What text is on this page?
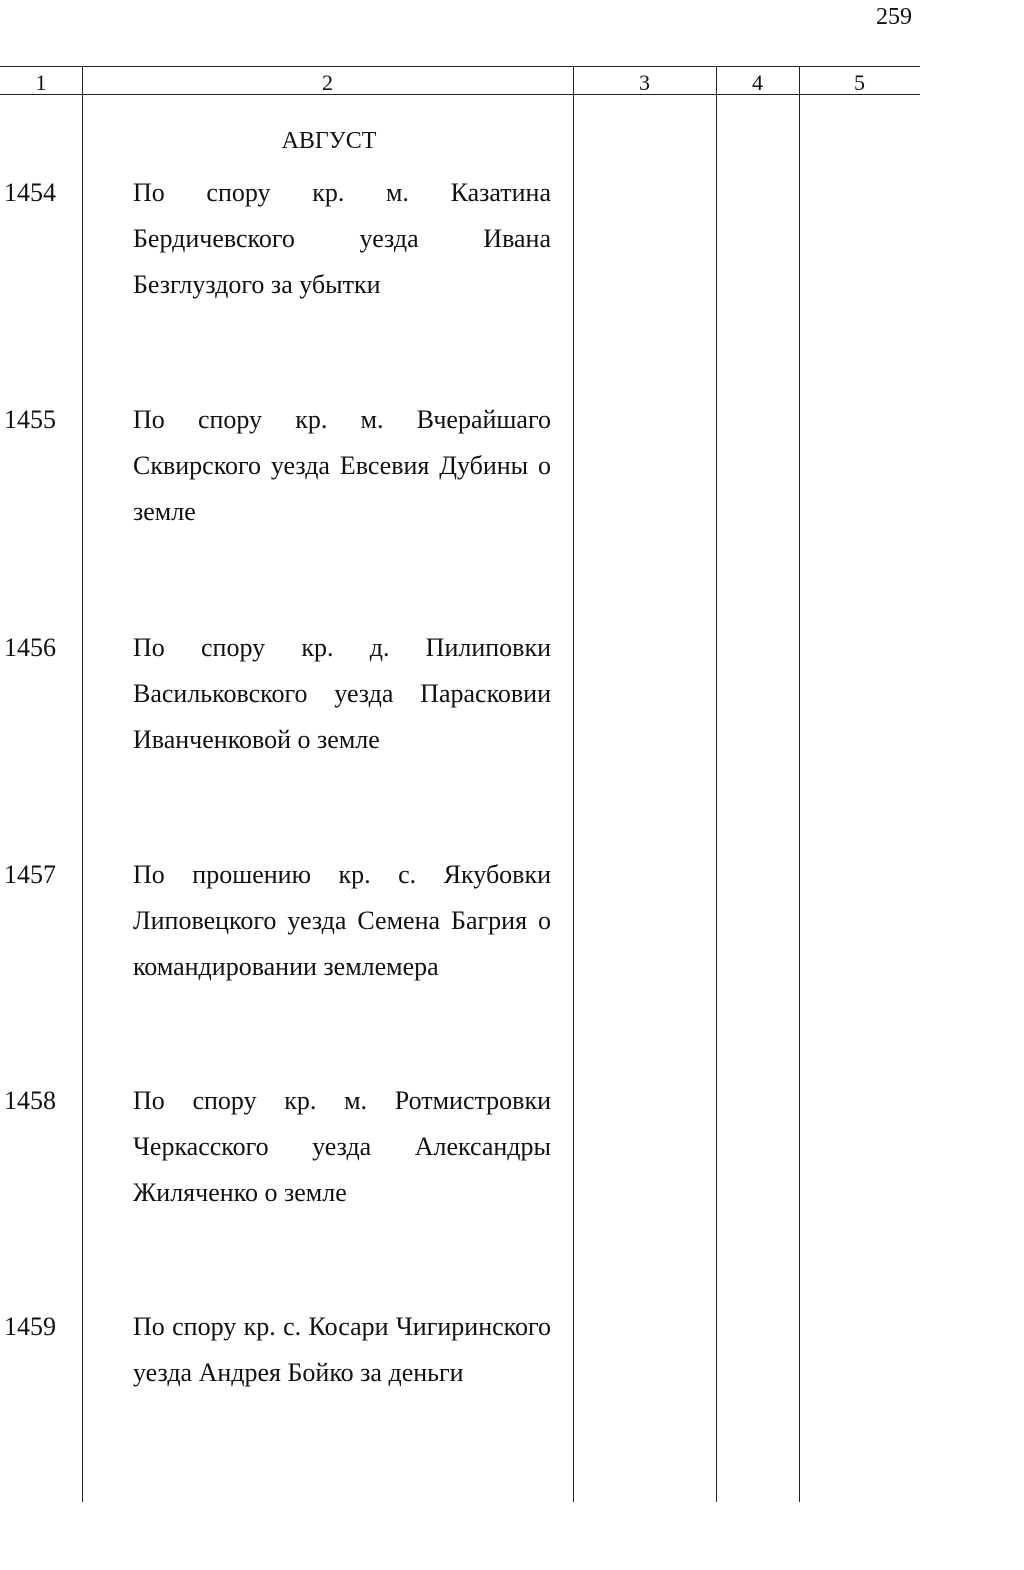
259
1	2	3	4	5
АВГУСТ
1454	По спору кр. м. Казатина Бердичевского уезда Ивана Безглуздого за убытки
1455	По спору кр. м. Вчерайшаго Сквирского уезда Евсевия Дубины о земле
1456	По спору кр. д. Пилиповки Васильковского уезда Парасковии Иванченковой о земле
1457	По прошению кр. с. Якубовки Липовецкого уезда Семена Багрия о командировании землемера
1458	По спору кр. м. Ротмистровки Черкасского уезда Александры Жиляченко о земле
1459	По спору кр. с. Косари Чигиринского уезда Андрея Бойко за деньги
